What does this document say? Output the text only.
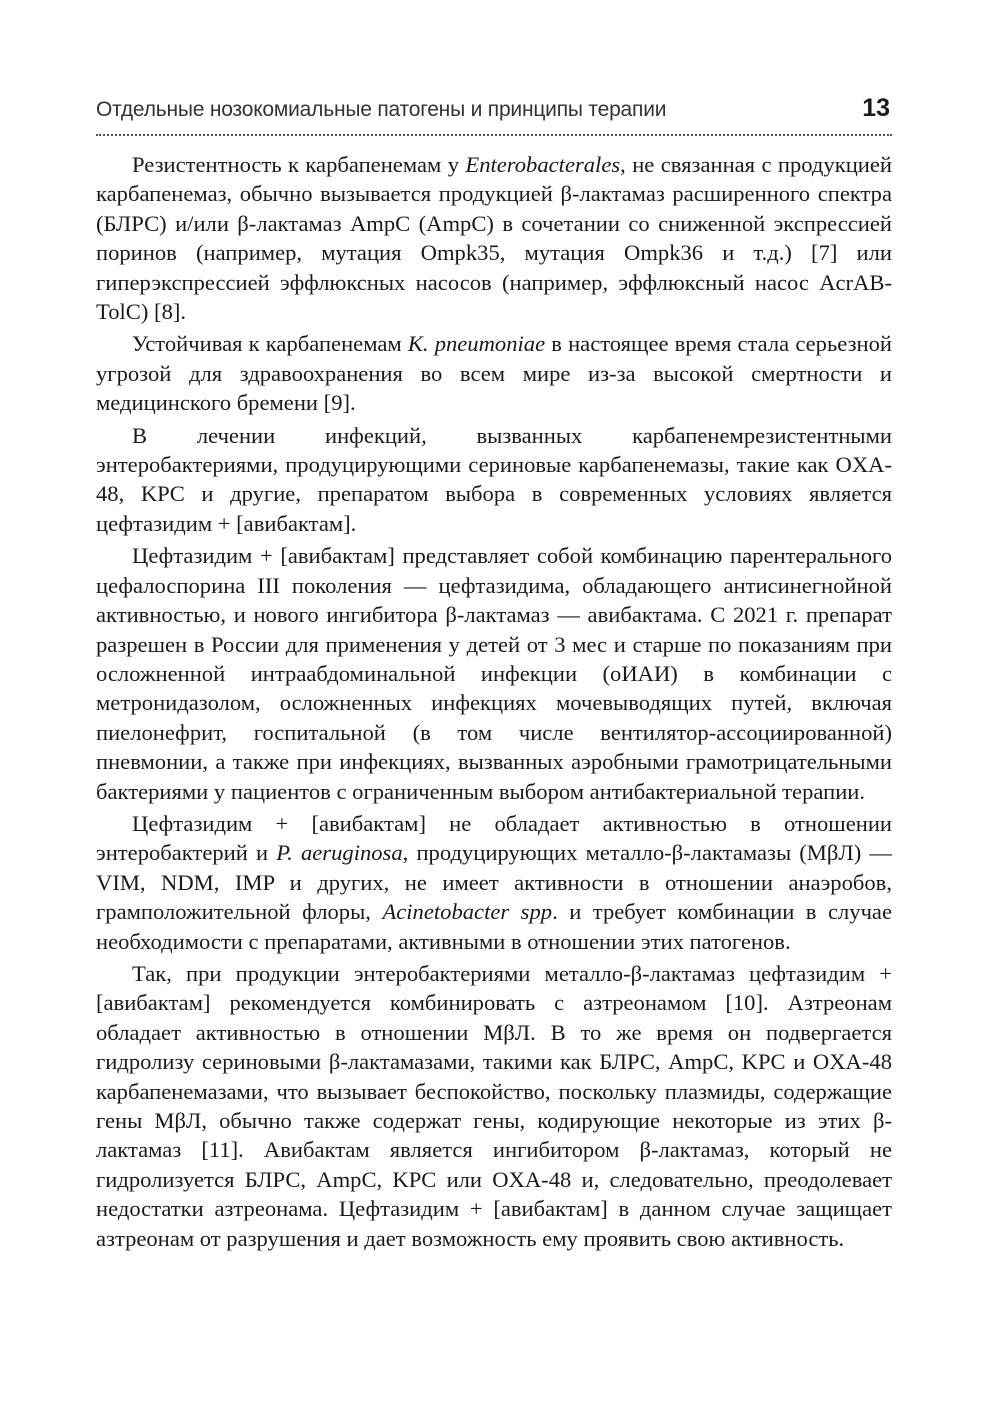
Отдельные нозокомиальные патогены и принципы терапии	13

Резистентность к карбапенемам у Enterobacterales, не связанная с продукцией карбапенемаз, обычно вызывается продукцией β-лактамаз расширенного спектра (БЛРС) и/или β-лактамаз AmpC (AmpC) в сочетании со сниженной экспрессией поринов (например, мутация Ompk35, мутация Ompk36 и т.д.) [7] или гиперэкспрессией эффлюксных насосов (например, эффлюксный насос AcrAB-TolC) [8].

Устойчивая к карбапенемам K. pneumoniae в настоящее время стала серьезной угрозой для здравоохранения во всем мире из-за высокой смертности и медицинского бремени [9].

В лечении инфекций, вызванных карбапенемрезистентными энтеробактериями, продуцирующими сериновые карбапенемазы, такие как OXA-48, KPC и другие, препаратом выбора в современных условиях является цефтазидим + [авибактам].

Цефтазидим + [авибактам] представляет собой комбинацию парентерального цефалоспорина III поколения — цефтазидима, обладающего антисинегнойной активностью, и нового ингибитора β-лактамаз — авибактама. С 2021 г. препарат разрешен в России для применения у детей от 3 мес и старше по показаниям при осложненной интраабдоминальной инфекции (оИАИ) в комбинации с метронидазолом, осложненных инфекциях мочевыводящих путей, включая пиелонефрит, госпитальной (в том числе вентилятор-ассоциированной) пневмонии, а также при инфекциях, вызванных аэробными грамотрицательными бактериями у пациентов с ограниченным выбором антибактериальной терапии.

Цефтазидим + [авибактам] не обладает активностью в отношении энтеробактерий и P. aeruginosa, продуцирующих металло-β-лактамазы (МβЛ) — VIM, NDM, IMP и других, не имеет активности в отношении анаэробов, грамположительной флоры, Acinetobacter spp. и требует комбинации в случае необходимости с препаратами, активными в отношении этих патогенов.

Так, при продукции энтеробактериями металло-β-лактамаз цефтазидим + [авибактам] рекомендуется комбинировать с азтреонамом [10]. Азтреонам обладает активностью в отношении МβЛ. В то же время он подвергается гидролизу сериновыми β-лактамазами, такими как БЛРС, AmpC, KPC и OXA-48 карбапенемазами, что вызывает беспокойство, поскольку плазмиды, содержащие гены МβЛ, обычно также содержат гены, кодирующие некоторые из этих β-лактамаз [11]. Авибактам является ингибитором β-лактамаз, который не гидролизуется БЛРС, AmpC, KPC или OXA-48 и, следовательно, преодолевает недостатки азтреонама. Цефтазидим + [авибактам] в данном случае защищает азтреонам от разрушения и дает возможность ему проявить свою активность.
